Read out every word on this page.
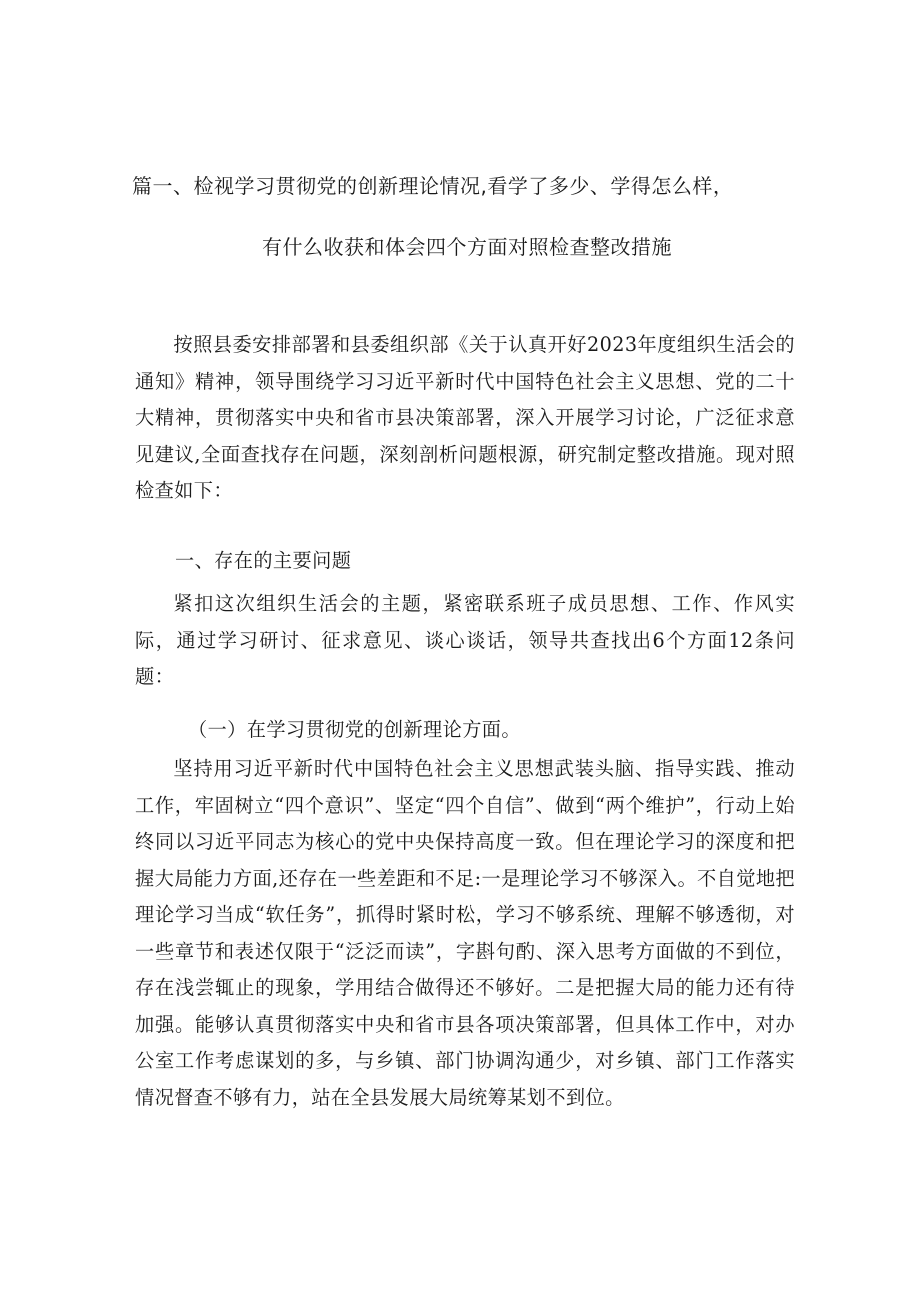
篇一、检视学习贯彻党的创新理论情况,看学了多少、学得怎么样，
有什么收获和体会四个方面对照检查整改措施

按照县委安排部署和县委组织部《关于认真开好2023年度组织生活会的通知》精神，领导围绕学习习近平新时代中国特色社会主义思想、党的二十大精神，贯彻落实中央和省市县决策部署，深入开展学习讨论，广泛征求意见建议,全面查找存在问题，深刻剖析问题根源，研究制定整改措施。现对照检查如下：

一、存在的主要问题

紧扣这次组织生活会的主题，紧密联系班子成员思想、工作、作风实际，通过学习研讨、征求意见、谈心谈话，领导共查找出6个方面12条问题：

（一）在学习贯彻党的创新理论方面。

坚持用习近平新时代中国特色社会主义思想武装头脑、指导实践、推动工作，牢固树立“四个意识”、坚定“四个自信”、做到“两个维护”，行动上始终同以习近平同志为核心的党中央保持高度一致。但在理论学习的深度和把握大局能力方面,还存在一些差距和不足:一是理论学习不够深入。不自觉地把理论学习当成“软任务”，抓得时紧时松，学习不够系统、理解不够透彻，对一些章节和表述仅限于“泛泛而读”，字斟句酌、深入思考方面做的不到位，存在浅尝辄止的现象，学用结合做得还不够好。二是把握大局的能力还有待加强。能够认真贯彻落实中央和省市县各项决策部署，但具体工作中，对办公室工作考虑谋划的多，与乡镇、部门协调沟通少，对乡镇、部门工作落实情况督查不够有力，站在全县发展大局统筹某划不到位。
